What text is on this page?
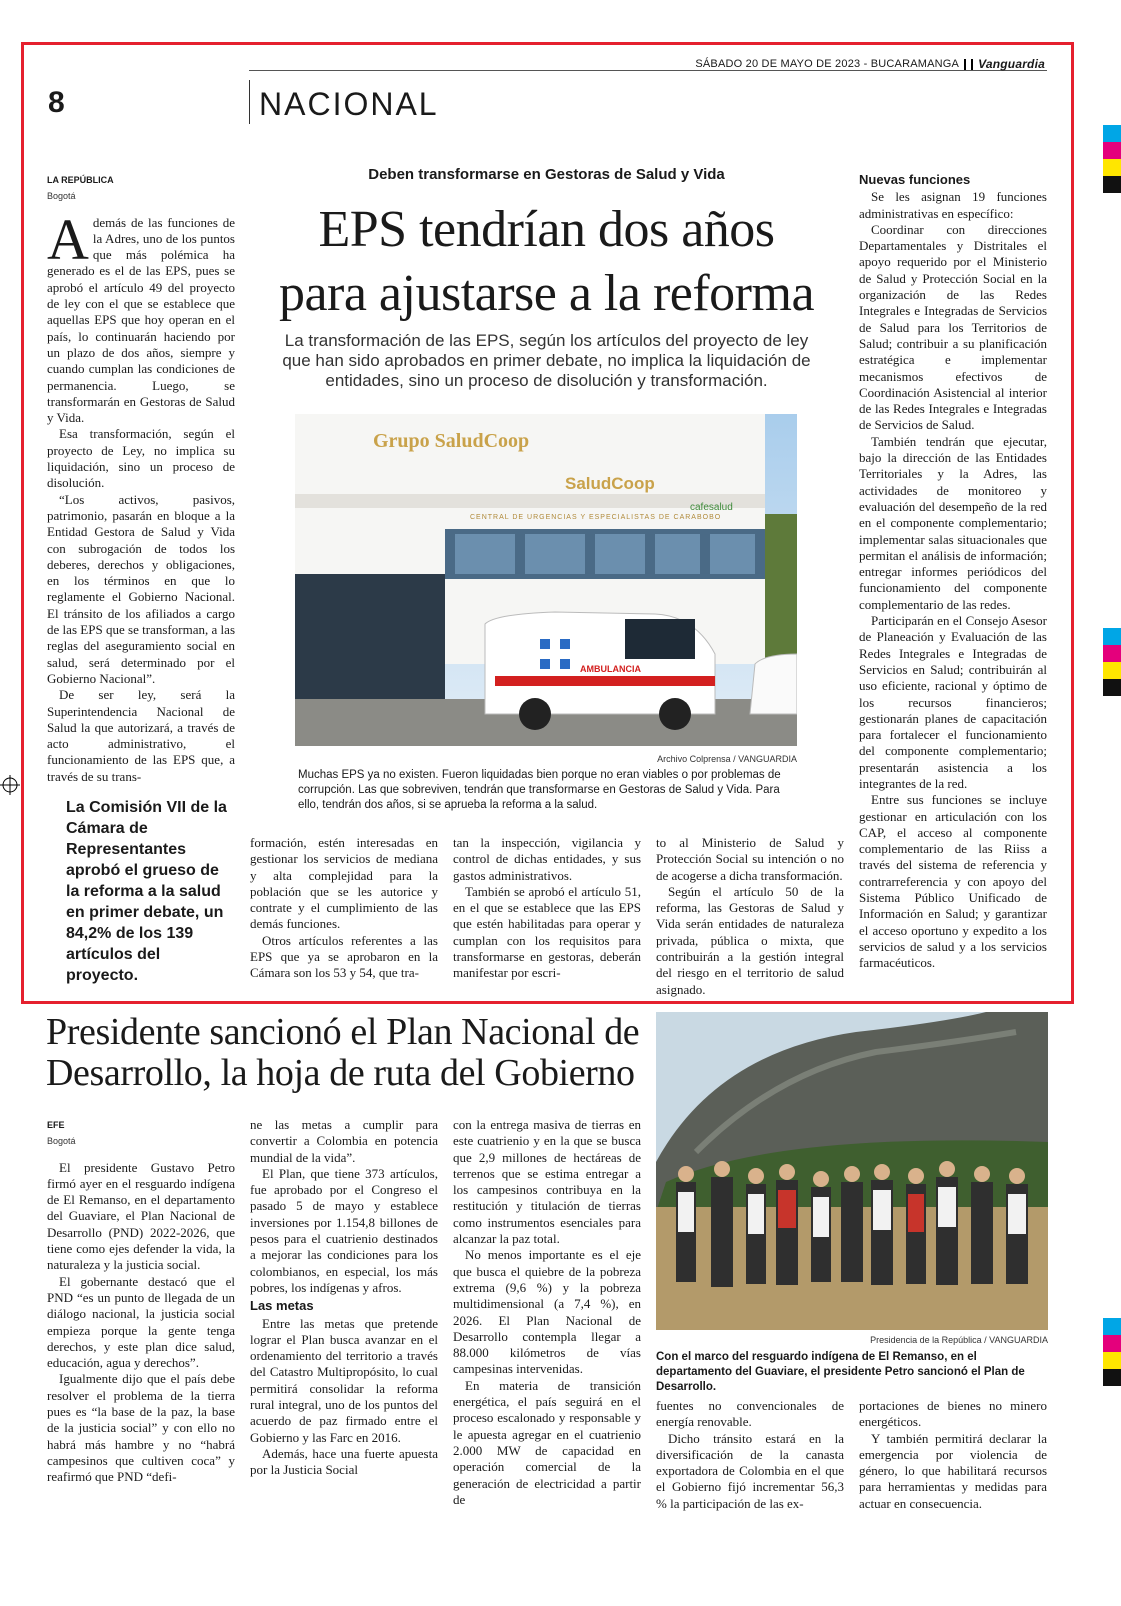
SÁBADO 20 DE MAYO DE 2023 - BUCARAMANGA Vanguardia
8	NACIONAL
LA REPÚBLICA
Bogotá

Además de las funciones de la Adres, uno de los puntos que más polémica ha generado es el de las EPS, pues se aprobó el artículo 49 del proyecto de ley con el que se establece que aquellas EPS que hoy operan en el país, lo continuarán haciendo por un plazo de dos años, siempre y cuando cumplan las condiciones de permanencia. Luego, se transformarán en Gestoras de Salud y Vida.

Esa transformación, según el proyecto de Ley, no implica su liquidación, sino un proceso de disolución.

“Los activos, pasivos, patrimonio, pasarán en bloque a la Entidad Gestora de Salud y Vida con subrogación de todos los deberes, derechos y obligaciones, en los términos en que lo reglamente el Gobierno Nacional. El tránsito de los afiliados a cargo de las EPS que se transforman, a las reglas del aseguramiento social en salud, será determinado por el Gobierno Nacional”.

De ser ley, será la Superintendencia Nacional de Salud la que autorizará, a través de acto administrativo, el funcionamiento de las EPS que, a través de su trans-

La Comisión VII de la Cámara de Representantes aprobó el grueso de la reforma a la salud en primer debate, un 84,2% de los 139 artículos del proyecto.
Deben transformarse en Gestoras de Salud y Vida
EPS tendrían dos años
para ajustarse a la reforma
La transformación de las EPS, según los artículos del proyecto de ley que han sido aprobados en primer debate, no implica la liquidación de entidades, sino un proceso de disolución y transformación.
Grupo SaludCoop
SaludCoop
CENTRAL DE URGENCIAS Y ESPECIALISTAS DE CARABOBO
cafesalud
AMBULANCIA
Archivo Colprensa / VANGUARDIA
Muchas EPS ya no existen. Fueron liquidadas bien porque no eran viables o por problemas de corrupción. Las que sobreviven, tendrán que transformarse en Gestoras de Salud y Vida. Para ello, tendrán dos años, si se aprueba la reforma a la salud.

formación, estén interesadas en gestionar los servicios de mediana y alta complejidad para la población que se les autorice y contrate y el cumplimiento de las demás funciones.

Otros artículos referentes a las EPS que ya se aprobaron en la Cámara son los 53 y 54, que tra-

tan la inspección, vigilancia y control de dichas entidades, y sus gastos administrativos.

También se aprobó el artículo 51, en el que se establece que las EPS que estén habilitadas para operar y cumplan con los requisitos para transformarse en gestoras, deberán manifestar por escri-

to al Ministerio de Salud y Protección Social su intención o no de acogerse a dicha transformación.

Según el artículo 50 de la reforma, las Gestoras de Salud y Vida serán entidades de naturaleza privada, pública o mixta, que contribuirán a la gestión integral del riesgo en el territorio de salud asignado.

Nuevas funciones

Se les asignan 19 funciones administrativas en específico:

Coordinar con direcciones Departamentales y Distritales el apoyo requerido por el Ministerio de Salud y Protección Social en la organización de las Redes Integrales e Integradas de Servicios de Salud para los Territorios de Salud; contribuir a su planificación estratégica e implementar mecanismos efectivos de Coordinación Asistencial al interior de las Redes Integrales e Integradas de Servicios de Salud.

También tendrán que ejecutar, bajo la dirección de las Entidades Territoriales y la Adres, las actividades de monitoreo y evaluación del desempeño de la red en el componente complementario; implementar salas situacionales que permitan el análisis de información; entregar informes periódicos del funcionamiento del componente complementario de las redes.

Participarán en el Consejo Asesor de Planeación y Evaluación de las Redes Integrales e Integradas de Servicios en Salud; contribuirán al uso eficiente, racional y óptimo de los recursos financieros; gestionarán planes de capacitación para fortalecer el funcionamiento del componente complementario; presentarán asistencia a los integrantes de la red.

Entre sus funciones se incluye gestionar en articulación con los CAP, el acceso al componente complementario de las Riiss a través del sistema de referencia y contrarreferencia y con apoyo del Sistema Público Unificado de Información en Salud; y garantizar el acceso oportuno y expedito a los servicios de salud y a los servicios farmacéuticos.

Presidente sancionó el Plan Nacional de
Desarrollo, la hoja de ruta del Gobierno
EFE
Bogotá

El presidente Gustavo Petro firmó ayer en el resguardo indígena de El Remanso, en el departamento del Guaviare, el Plan Nacional de Desarrollo (PND) 2022-2026, que tiene como ejes defender la vida, la naturaleza y la justicia social.

El gobernante destacó que el PND “es un punto de llegada de un diálogo nacional, la justicia social empieza porque la gente tenga derechos, y este plan dice salud, educación, agua y derechos”.

Igualmente dijo que el país debe resolver el problema de la tierra pues es “la base de la paz, la base de la justicia social” y con ello no habrá más hambre y no “habrá campesinos que cultiven coca” y reafirmó que PND “defi-

ne las metas a cumplir para convertir a Colombia en potencia mundial de la vida”.

El Plan, que tiene 373 artículos, fue aprobado por el Congreso el pasado 5 de mayo y establece inversiones por 1.154,8 billones de pesos para el cuatrienio destinados a mejorar las condiciones para los colombianos, en especial, los más pobres, los indígenas y afros.

Las metas

Entre las metas que pretende lograr el Plan busca avanzar en el ordenamiento del territorio a través del Catastro Multipropósito, lo cual permitirá consolidar la reforma rural integral, uno de los puntos del acuerdo de paz firmado entre el Gobierno y las Farc en 2016.

Además, hace una fuerte apuesta por la Justicia Social

con la entrega masiva de tierras en este cuatrienio y en la que se busca que 2,9 millones de hectáreas de terrenos que se estima entregar a los campesinos contribuya en la restitución y titulación de tierras como instrumentos esenciales para alcanzar la paz total.

No menos importante es el eje que busca el quiebre de la pobreza extrema (9,6 %) y la pobreza multidimensional (a 7,4 %), en 2026. El Plan Nacional de Desarrollo contempla llegar a 88.000 kilómetros de vías campesinas intervenidas.

En materia de transición energética, el país seguirá en el proceso escalonado y responsable y le apuesta agregar en el cuatrienio 2.000 MW de capacidad en operación comercial de la generación de electricidad a partir de

Presidencia de la República / VANGUARDIA
Con el marco del resguardo indígena de El Remanso, en el departamento del Guaviare, el presidente Petro sancionó el Plan de Desarrollo.

fuentes no convencionales de energía renovable.

Dicho tránsito estará en la diversificación de la canasta exportadora de Colombia en el que el Gobierno fijó incrementar 56,3 % la participación de las ex-

portaciones de bienes no minero energéticos.

Y también permitirá declarar la emergencia por violencia de género, lo que habilitará recursos para herramientas y medidas para actuar en consecuencia.
